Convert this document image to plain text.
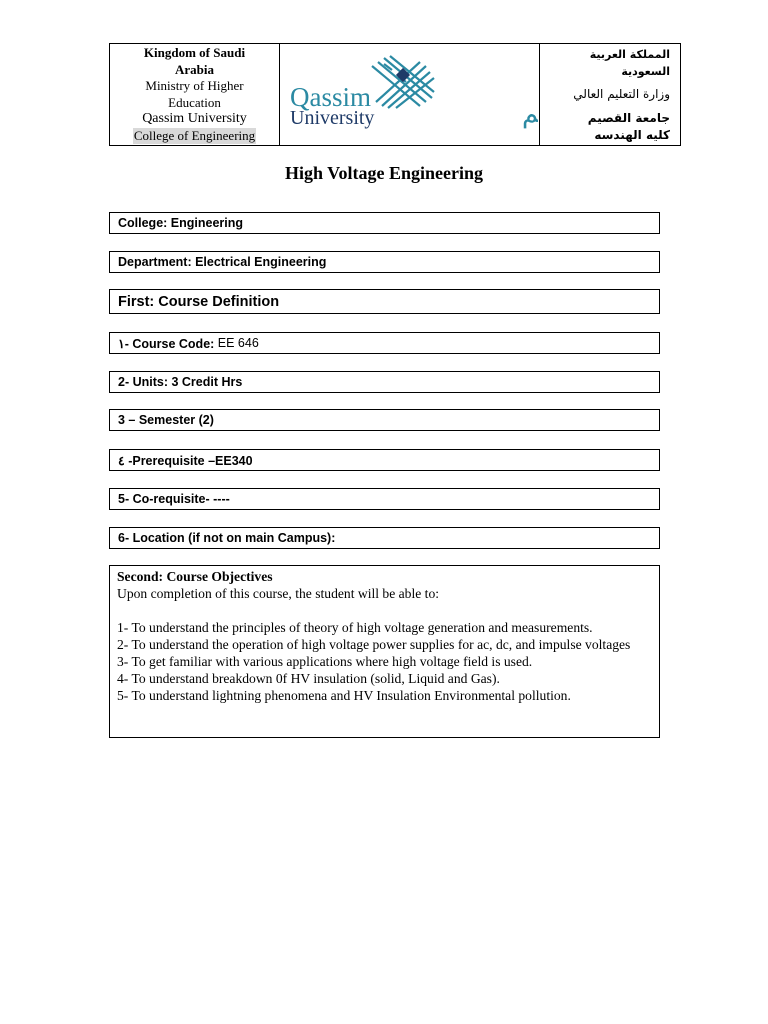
Kingdom of Saudi
Arabia
Ministry of Higher
Education
Qassim University
College of Engineering
Qassim
University	م
المملكة العربية السعودية
وزارة التعليم العالي
جامعة القصيم
كليه الهندسه
High Voltage Engineering
College: Engineering
Department: Electrical Engineering
First: Course Definition
١- Course Code: EE 646
2- Units: 3 Credit Hrs
3 – Semester (2)
٤ -Prerequisite –EE340
5- Co-requisite- ----
6- Location (if not on main Campus):
Second: Course Objectives
Upon completion of this course, the student will be able to:
1- To understand the principles of theory of high voltage generation and measurements.
2- To understand the operation of high voltage power supplies for ac, dc, and impulse voltages
3- To get familiar with various applications where high voltage field is used.
4- To understand breakdown 0f HV insulation (solid, Liquid and Gas).
5- To understand lightning phenomena and HV Insulation Environmental pollution.
